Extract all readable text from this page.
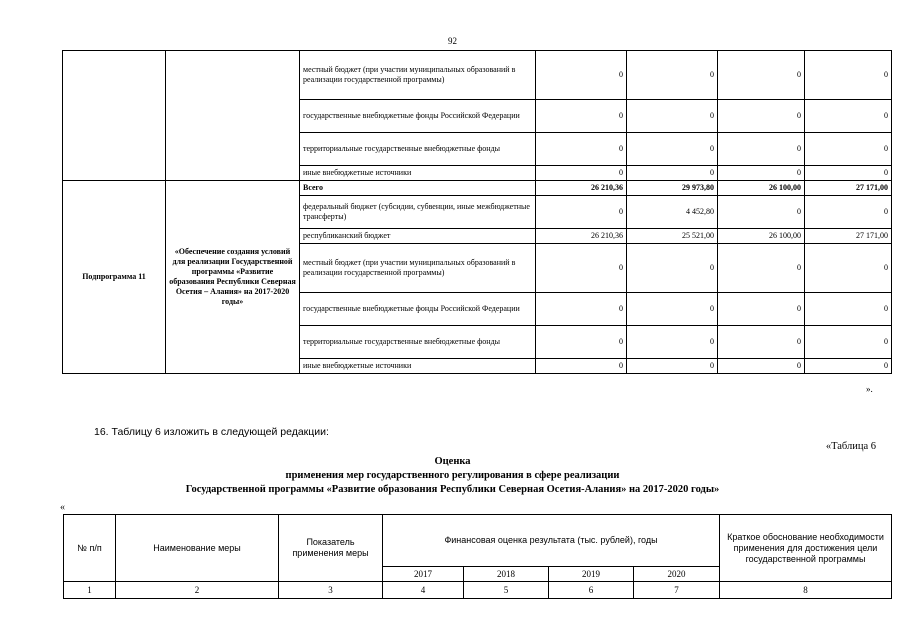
92
		местный бюджет (при участии муниципальных образований в реализации государственной программы)	0	0	0	0
		государственные внебюджетные фонды Российской Федерации	0	0	0	0
		территориальные государственные внебюджетные фонды	0	0	0	0
		иные внебюджетные источники	0	0	0	0
Подпрограмма 11	«Обеспечение создания условий для реализации Государственной программы «Развитие образования Республики Северная Осетия – Алания» на 2017-2020 годы»	Всего	26 210,36	29 973,80	26 100,00	27 171,00
		федеральный бюджет (субсидии, субвенции, иные межбюджетные трансферты)	0	4 452,80	0	0
		республиканский бюджет	26 210,36	25 521,00	26 100,00	27 171,00
		местный бюджет (при участии муниципальных образований в реализации государственной программы)	0	0	0	0
		государственные внебюджетные фонды Российской Федерации	0	0	0	0
		территориальные государственные внебюджетные фонды	0	0	0	0
		иные внебюджетные источники	0	0	0	0
».
16. Таблицу 6 изложить в следующей редакции:
«Таблица 6
Оценка
применения мер государственного регулирования в сфере реализации
Государственной программы «Развитие образования Республики Северная Осетия-Алания» на 2017-2020 годы»
«
№ п/п	Наименование меры	Показатель применения меры	Финансовая оценка результата (тыс. рублей), годы				Краткое обоснование необходимости применения для достижения цели государственной программы
			2017	2018	2019	2020	
1	2	3	4	5	6	7	8
